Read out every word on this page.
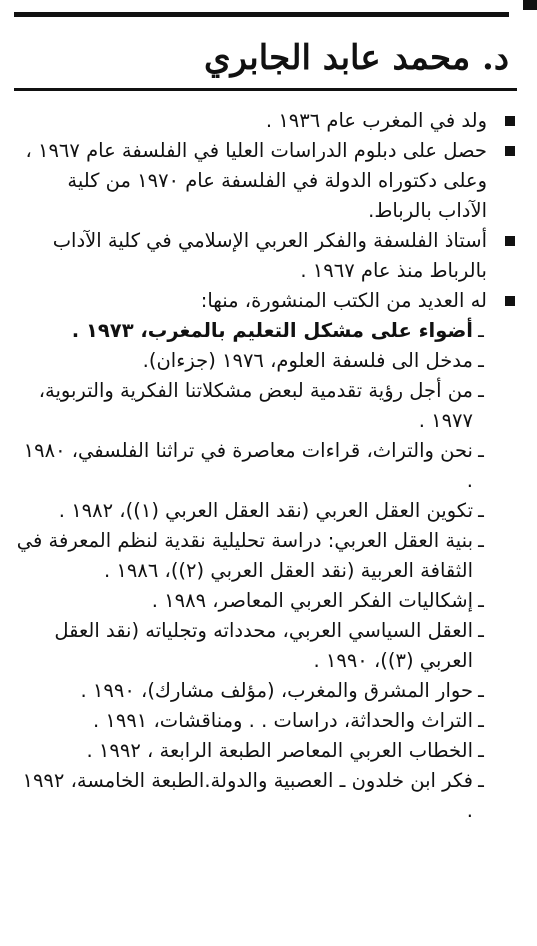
د. محمد عابد الجابري
ولد في المغرب عام ١٩٣٦ .
حصل على دبلوم الدراسات العليا في الفلسفة عام ١٩٦٧ ، وعلى دكتوراه الدولة في الفلسفة عام ١٩٧٠ من كلية الآداب بالرباط.
أستاذ الفلسفة والفكر العربي الإسلامي في كلية الآداب بالرباط منذ عام ١٩٦٧ .
له العديد من الكتب المنشورة، منها:
ـ
أضواء على مشكل التعليم بالمغرب، ١٩٧٣ .
ـ
مدخل الى فلسفة العلوم، ١٩٧٦ (جزءان).
ـ
من أجل رؤية تقدمية لبعض مشكلاتنا الفكرية والتربوية، ١٩٧٧ .
ـ
نحن والتراث، قراءات معاصرة في تراثنا الفلسفي، ١٩٨٠ .
ـ
تكوين العقل العربي (نقد العقل العربي (١))، ١٩٨٢ .
ـ
بنية العقل العربي: دراسة تحليلية نقدية لنظم المعرفة في الثقافة العربية (نقد العقل العربي (٢))، ١٩٨٦ .
ـ
إشكاليات الفكر العربي المعاصر، ١٩٨٩ .
ـ
العقل السياسي العربي، محدداته وتجلياته (نقد العقل العربي (٣))، ١٩٩٠ .
ـ
حوار المشرق والمغرب، (مؤلف مشارك)، ١٩٩٠ .
ـ
التراث والحداثة، دراسات . . ومناقشات، ١٩٩١ .
ـ
الخطاب العربي المعاصر الطبعة الرابعة ، ١٩٩٢ .
ـ
فكر ابن خلدون ـ العصبية والدولة.الطبعة الخامسة، ١٩٩٢ .
